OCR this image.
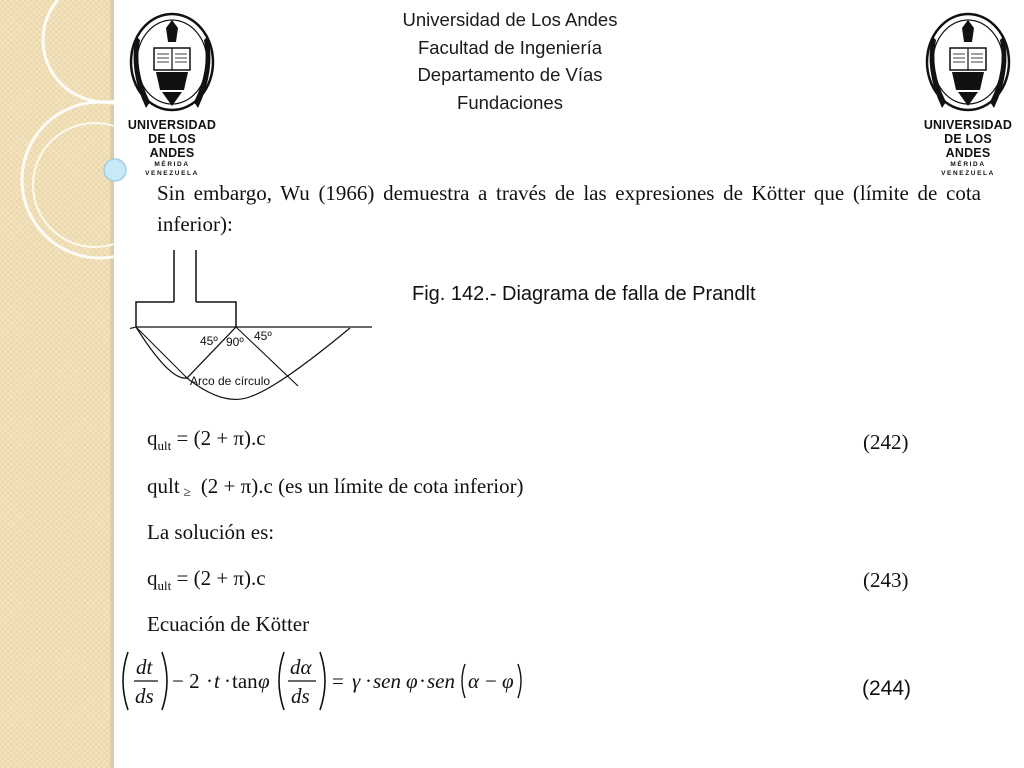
UNIVERSIDAD
DE LOS ANDES
MÉRIDA VENEZUELA
UNIVERSIDAD
DE LOS ANDES
MÉRIDA VENEZUELA
Universidad de Los Andes
Facultad de Ingeniería
Departamento de Vías
Fundaciones
Sin embargo, Wu (1966) demuestra a través de las expresiones de Kötter que (límite de cota inferior):
45º 90º 45º
Arco de círculo
Fig. 142.- Diagrama de falla de Prandlt
$q_{ult} = (2 + \pi).c$	(242)
qult ≥ (2 + π).c (es un límite de cota inferior)
La solución es:
$q_{ult} = (2 + \pi).c$	(243)
Ecuación de Kötter
dt
ds
− 2 · t · tan φ
dα
ds
= γ · sen φ · sen α − φ	(244)
